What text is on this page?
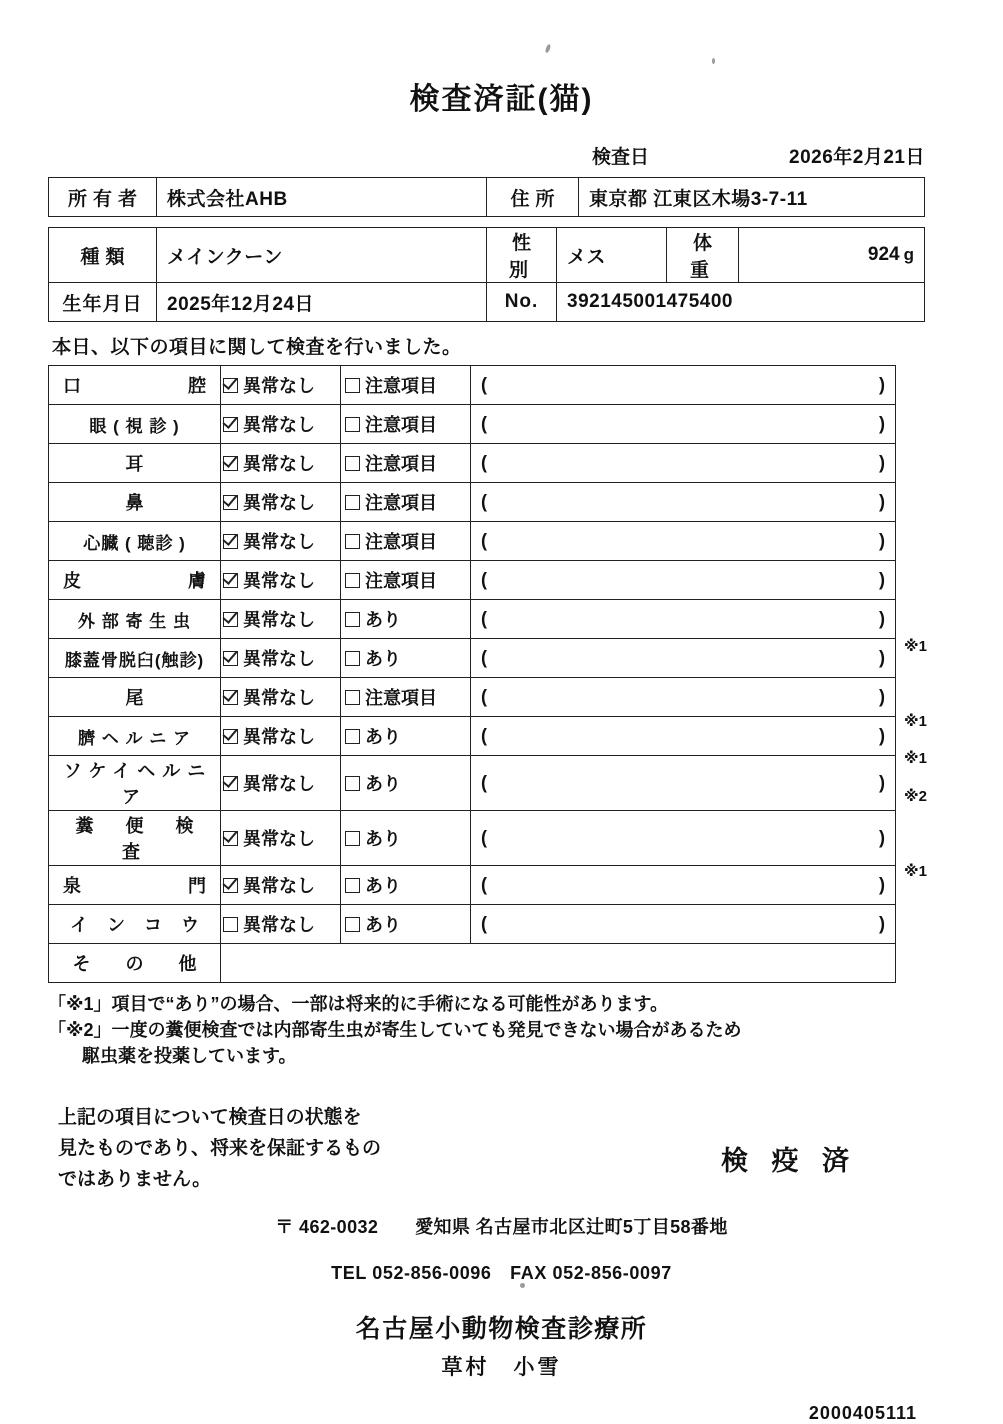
検査済証(猫)
検査日	2026年2月21日
所有者	株式会社AHB	住所	東京都 江東区木場3-7-11
種類	メインクーン	性別	メス	体重	924 g
生年月日	2025年12月24日	No.	392145001475400		
本日、以下の項目に関して検査を行いました。
口　　　　腔	異常なし	注意項目	( )

眼 ( 視 診 )	異常なし	注意項目	( )

耳	異常なし	注意項目	( )

鼻	異常なし	注意項目	( )

心臓 ( 聴診 )	異常なし	注意項目	( )

皮　　　　膚	異常なし	注意項目	( )

外 部 寄 生 虫	異常なし	あり	( )

膝蓋骨脱臼(触診)	異常なし	あり	( )

尾	異常なし	注意項目	( )

臍 ヘ ル ニ ア	異常なし	あり	( )

ソケイヘルニア	異常なし	あり	( )

糞　便　検　査	異常なし	あり	( )

泉　　　　門	異常なし	あり	( )

イ ン コ ウ	異常なし	あり	( )

そ　 の　 他			
※1
※1
※1
※2
※1
「※1」項目で“あり”の場合、一部は将来的に手術になる可能性があります。
「※2」一度の糞便検査では内部寄生虫が寄生していても発見できない場合があるため
駆虫薬を投薬しています。
上記の項目について検査日の状態を
見たものであり、将来を保証するもの
ではありません。
検 疫 済
〒 462-0032　　愛知県 名古屋市北区辻町5丁目58番地
TEL 052-856-0096　FAX 052-856-0097
名古屋小動物検査診療所
草村　小雪
2000405111
